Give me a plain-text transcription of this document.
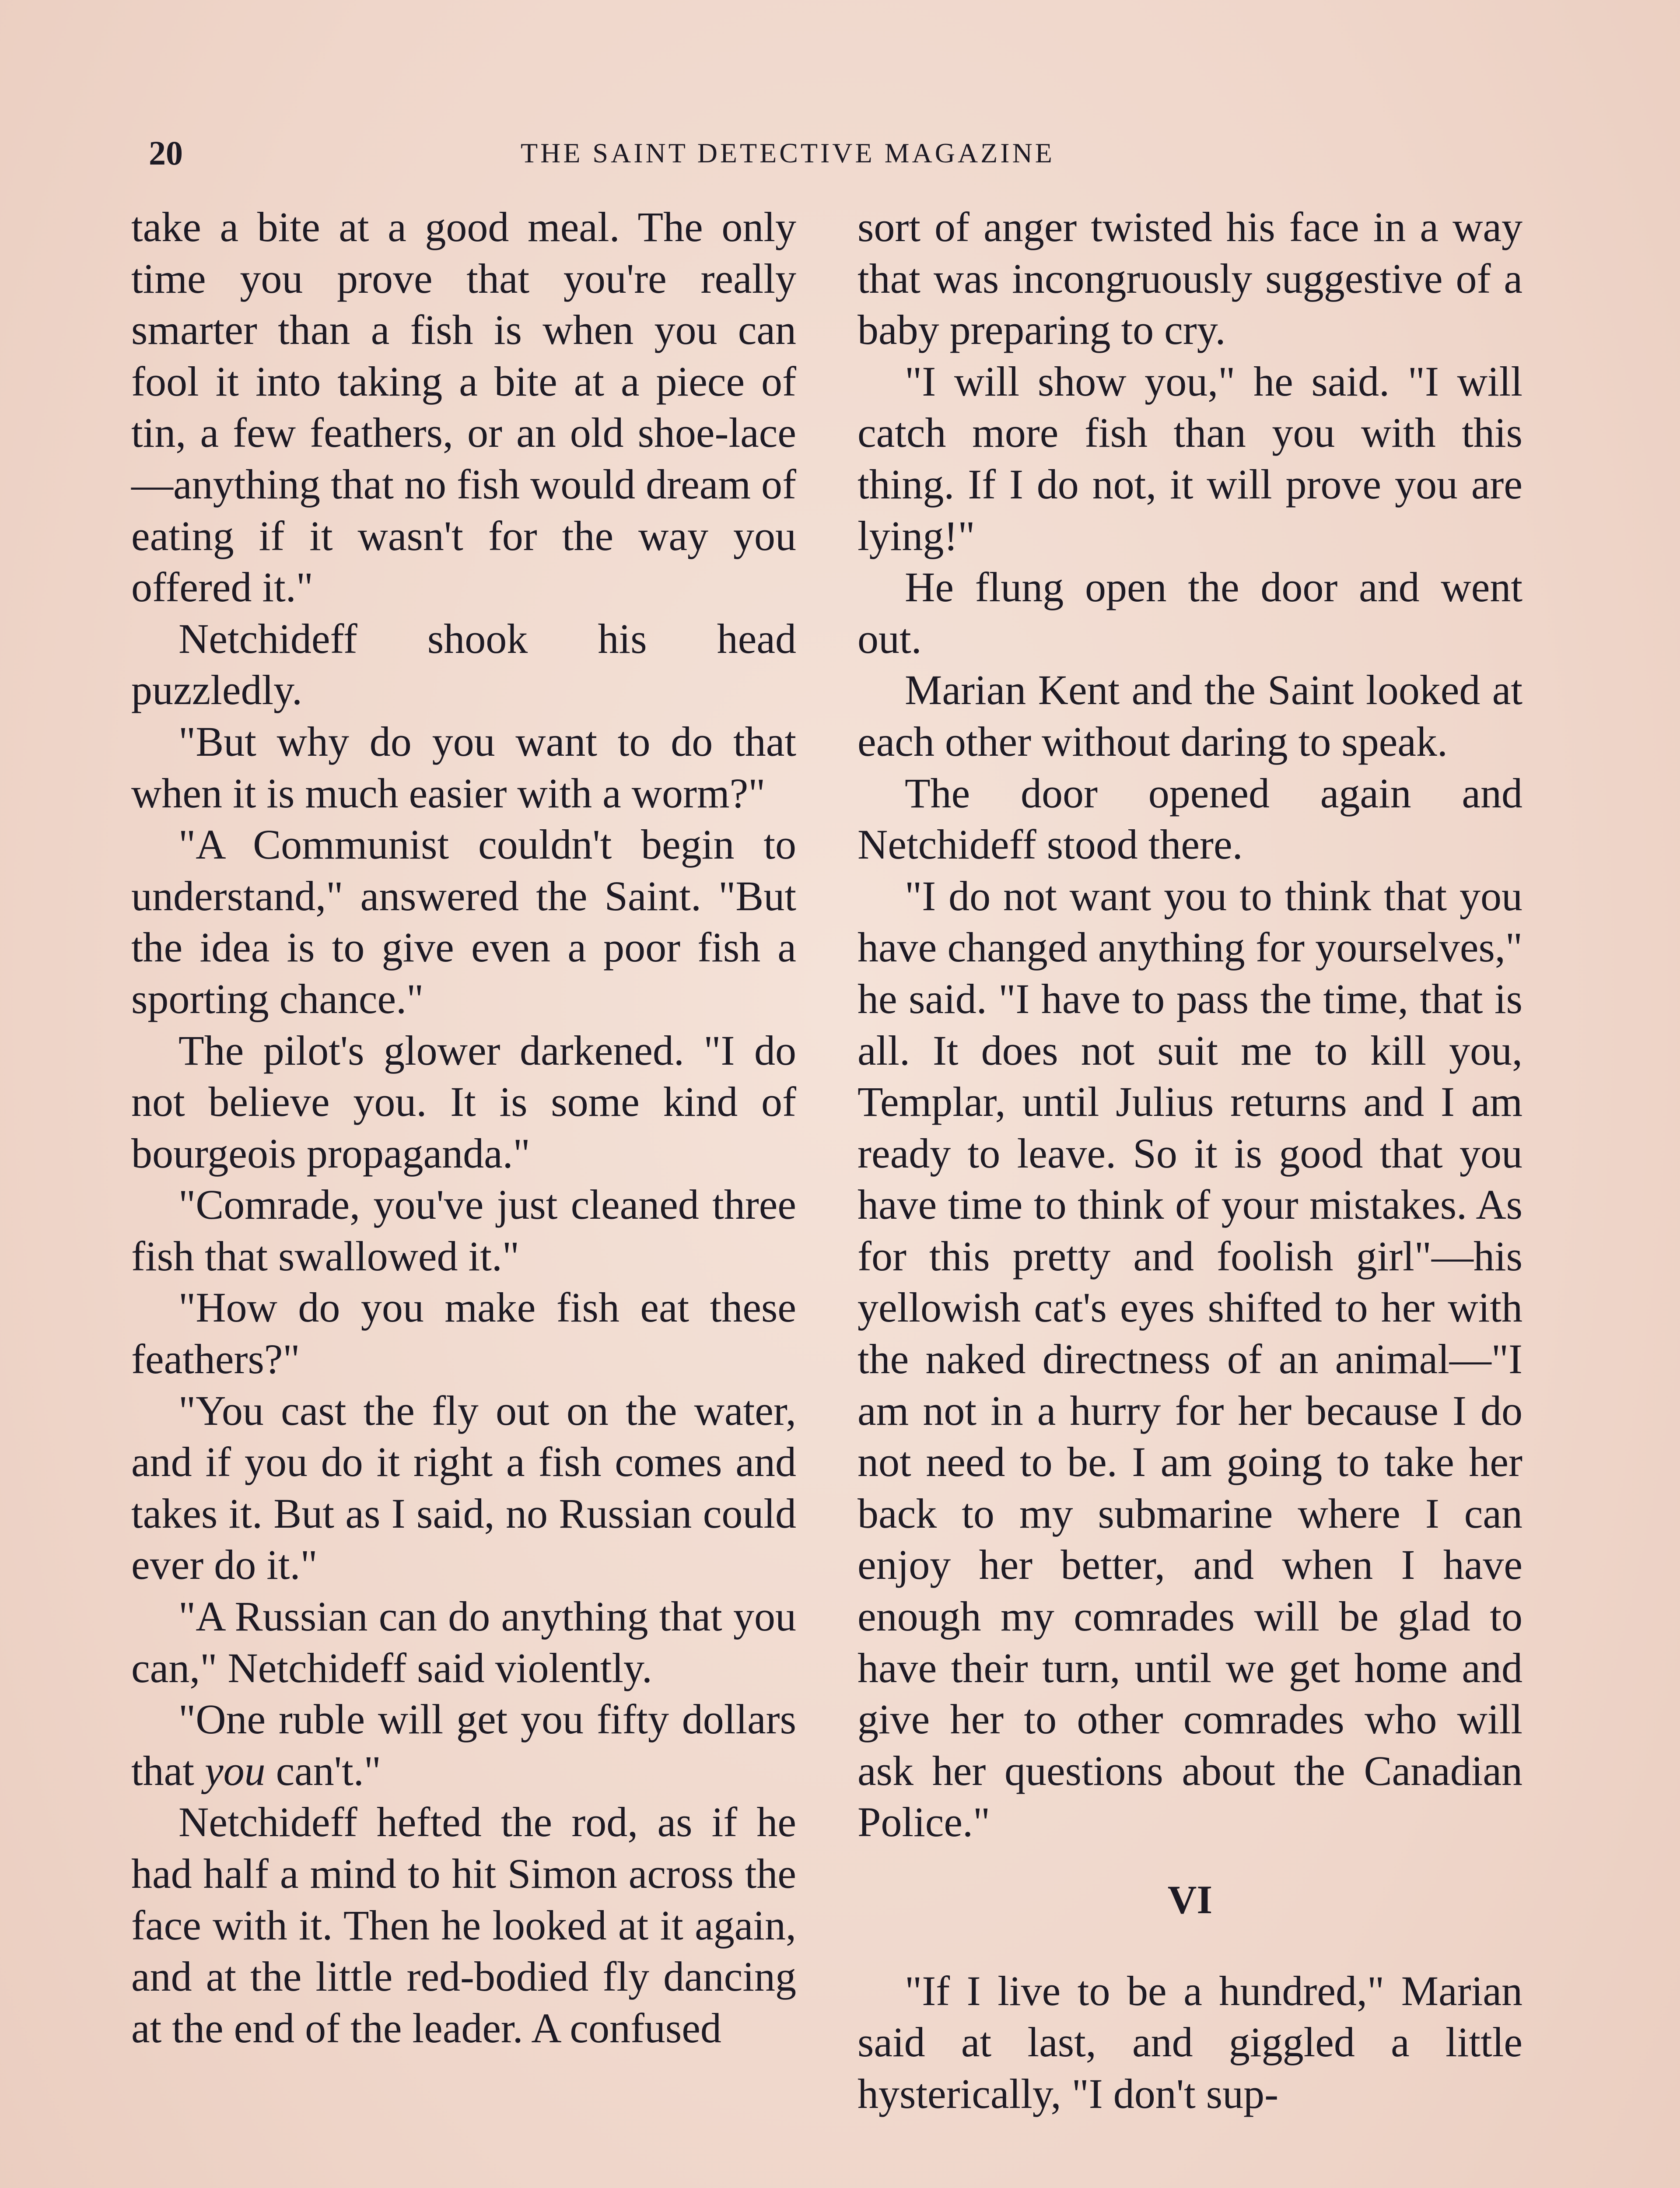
20	THE SAINT DETECTIVE MAGAZINE

take a bite at a good meal. The only time you prove that you're really smarter than a fish is when you can fool it into taking a bite at a piece of tin, a few feathers, or an old shoe-lace—anything that no fish would dream of eating if it wasn't for the way you offered it."

Netchideff shook his head puzzledly.

"But why do you want to do that when it is much easier with a worm?"

"A Communist couldn't begin to understand," answered the Saint. "But the idea is to give even a poor fish a sporting chance."

The pilot's glower darkened. "I do not believe you. It is some kind of bourgeois propaganda."

"Comrade, you've just cleaned three fish that swallowed it."

"How do you make fish eat these feathers?"

"You cast the fly out on the water, and if you do it right a fish comes and takes it. But as I said, no Russian could ever do it."

"A Russian can do anything that you can," Netchideff said violently.

"One ruble will get you fifty dollars that you can't."

Netchideff hefted the rod, as if he had half a mind to hit Simon across the face with it. Then he looked at it again, and at the little red-bodied fly dancing at the end of the leader. A confused

sort of anger twisted his face in a way that was incongruously suggestive of a baby preparing to cry.

"I will show you," he said. "I will catch more fish than you with this thing. If I do not, it will prove you are lying!"

He flung open the door and went out.

Marian Kent and the Saint looked at each other without daring to speak.

The door opened again and Netchideff stood there.

"I do not want you to think that you have changed anything for yourselves," he said. "I have to pass the time, that is all. It does not suit me to kill you, Templar, until Julius returns and I am ready to leave. So it is good that you have time to think of your mistakes. As for this pretty and foolish girl"—his yellowish cat's eyes shifted to her with the naked directness of an animal—"I am not in a hurry for her because I do not need to be. I am going to take her back to my submarine where I can enjoy her better, and when I have enough my comrades will be glad to have their turn, until we get home and give her to other comrades who will ask her questions about the Canadian Police."

VI

"If I live to be a hundred," Marian said at last, and giggled a little hysterically, "I don't sup-
